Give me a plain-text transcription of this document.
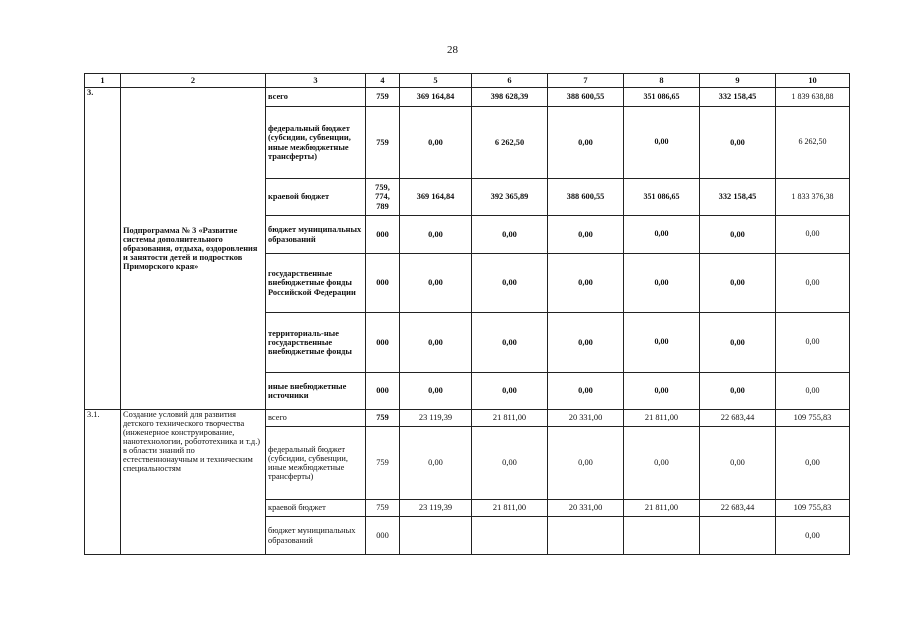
28
1	2	3	4	5	6	7	8	9	10
3.	Подпрограмма № 3 «Развитие системы дополнительного образования, отдыха, оздоровления и занятости детей и подростков Приморского края»	всего	759	369 164,84	398 628,39	388 600,55	351 086,65	332 158,45	1 839 638,88
		федеральный бюджет (субсидии, субвенции, иные межбюджетные трансферты)	759	0,00	6 262,50	0,00	0,00	0,00	6 262,50
		краевой бюджет	759, 774, 789	369 164,84	392 365,89	388 600,55	351 086,65	332 158,45	1 833 376,38
		бюджет муниципальных образований	000	0,00	0,00	0,00	0,00	0,00	0,00
		государственные внебюджетные фонды Российской Федерации	000	0,00	0,00	0,00	0,00	0,00	0,00
		территориаль-ные государственные внебюджетные фонды	000	0,00	0,00	0,00	0,00	0,00	0,00
		иные внебюджетные источники	000	0,00	0,00	0,00	0,00	0,00	0,00
3.1.	Создание условий для развития детского технического творчества (инженерное конструирование, нанотехнологии, робототехника и т.д.) в области знаний по естественнонаучным и техническим специальностям	всего	759	23 119,39	21 811,00	20 331,00	21 811,00	22 683,44	109 755,83
		федеральный бюджет (субсидии, субвенции, иные межбюджетные трансферты)	759	0,00	0,00	0,00	0,00	0,00	0,00
		краевой бюджет	759	23 119,39	21 811,00	20 331,00	21 811,00	22 683,44	109 755,83
		бюджет муниципальных образований	000						0,00
